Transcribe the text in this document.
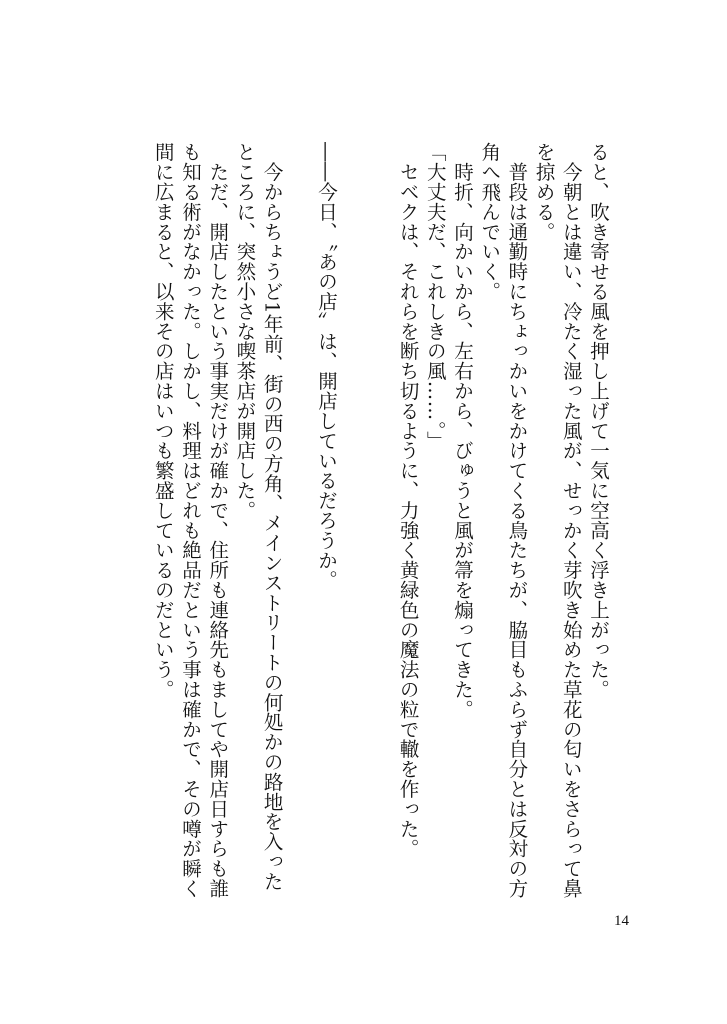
ると、吹き寄せる風を押し上げて一気に空高く浮き上がった。
　今朝とは違い、冷たく湿った風が、せっかく芽吹き始めた草花の匂いをさらって鼻
を掠める。
　普段は通勤時にちょっかいをかけてくる鳥たちが、脇目もふらず自分とは反対の方
角へ飛んでいく。
　時折、向かいから、左右から、びゅうと風が箒を煽ってきた。
「大丈夫だ、これしきの風……。」
　セベクは、それらを断ち切るように、力強く黄緑色の魔法の粒で轍を作った。
――今日、〝あの店〟は、開店しているだろうか。
　今からちょうど1年前、街の西の方角、メインストリートの何処かの路地を入った
ところに、突然小さな喫茶店が開店した。
　ただ、開店したという事実だけが確かで、住所も連絡先もましてや開店日すらも誰
も知る術がなかった。しかし、料理はどれも絶品だという事は確かで、その噂が瞬く
間に広まると、以来その店はいつも繁盛しているのだという。
14
